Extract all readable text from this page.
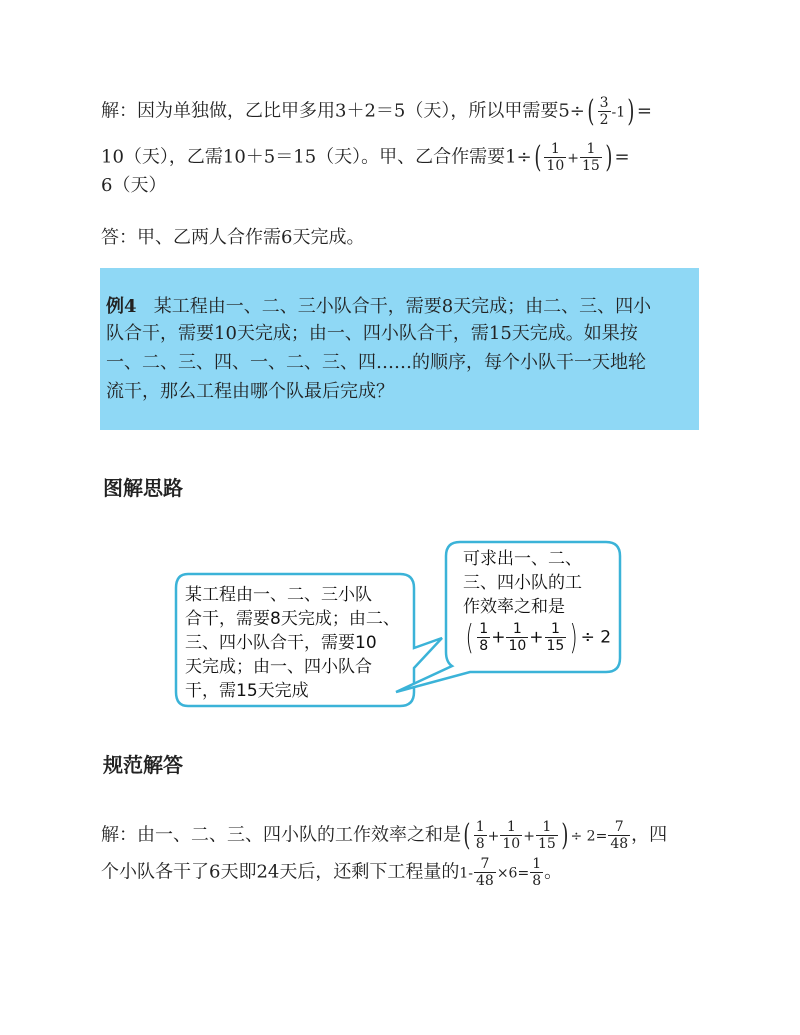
解：因为单独做，乙比甲多用3＋2＝5（天），所以甲需要$5\div( \frac{3}{2} -1)$ =
10（天），乙需10＋5＝15（天）。甲、乙合作需要$1\div( \frac{1}{10} + \frac{1}{15}$ ) =
6（天）
答：甲、乙两人合作需6天完成。
例4 某工程由一、二、三小队合干，需要8天完成；由二、三、四小
队合干，需要10天完成；由一、四小队合干，需15天完成。如果按
一、二、三、四、一、二、三、四……的顺序，每个小队干一天地轮
流干，那么工程由哪个队最后完成？
图解思路
某工程由一、二、三小队
合干，需要8天完成；由二、
三、四小队合干，需要10
天完成；由一、四小队合
干，需15天完成
可求出一、二、
三、四小队的工
作效率之和是
( $\frac{1}{8} + \frac{1}{10} + \frac{1}{15}$ ) ÷ 2
规范解答
解：由一、二、三、四小队的工作效率之和是( $\frac{1}{8} + \frac{1}{10} + \frac{1}{15}$ ) ÷ $2= \frac{7}{48}$ ，四
个小队各干了6天即24天后，还剩下工程量的$1- \frac{7}{48} \times 6= \frac{1}{8}$ 。
